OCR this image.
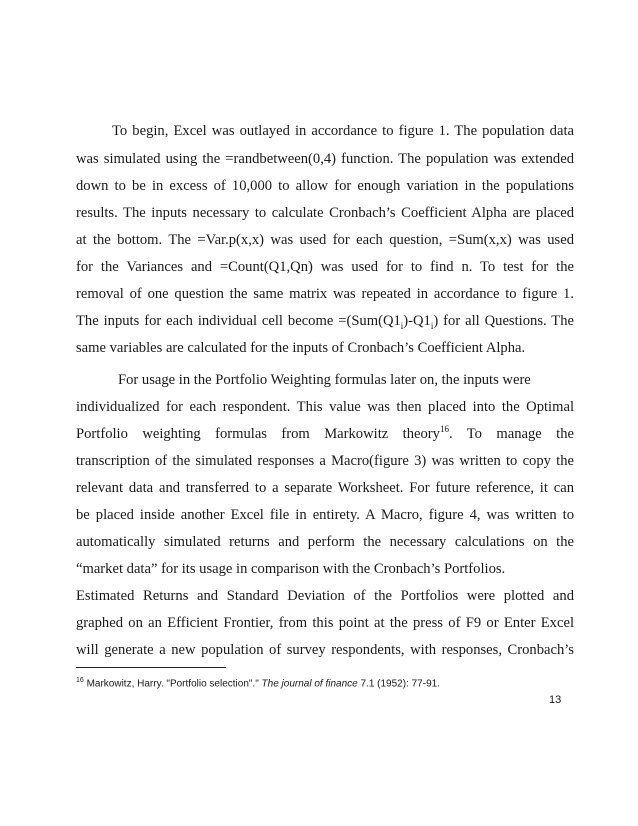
To begin, Excel was outlayed in accordance to figure 1. The population data
was simulated using the =randbetween(0,4) function. The population was extended
down to be in excess of 10,000 to allow for enough variation in the populations
results. The inputs necessary to calculate Cronbach’s Coefficient Alpha are placed
at the bottom. The =Var.p(x,x) was used for each question, =Sum(x,x) was used
for the Variances and =Count(Q1,Qn) was used for to find n. To test for the
removal of one question the same matrix was repeated in accordance to figure 1.
The inputs for each individual cell become $=(Sum(Q1_i)-Q1_i)$ for all Questions. The
same variables are calculated for the inputs of Cronbach’s Coefficient Alpha.
For usage in the Portfolio Weighting formulas later on, the inputs were
individualized for each respondent. This value was then placed into the Optimal
Portfolio weighting formulas from Markowitz theory$^{16}$. To manage the
transcription of the simulated responses a Macro(figure 3) was written to copy the
relevant data and transferred to a separate Worksheet. For future reference, it can
be placed inside another Excel file in entirety. A Macro, figure 4, was written to
automatically simulated returns and perform the necessary calculations on the
“market data” for its usage in comparison with the Cronbach’s Portfolios.
Estimated Returns and Standard Deviation of the Portfolios were plotted and
graphed on an Efficient Frontier, from this point at the press of F9 or Enter Excel
will generate a new population of survey respondents, with responses, Cronbach’s
$^{16}$ Markowitz, Harry. "Portfolio selection"." The journal of finance 7.1 (1952): 77-91.
13
